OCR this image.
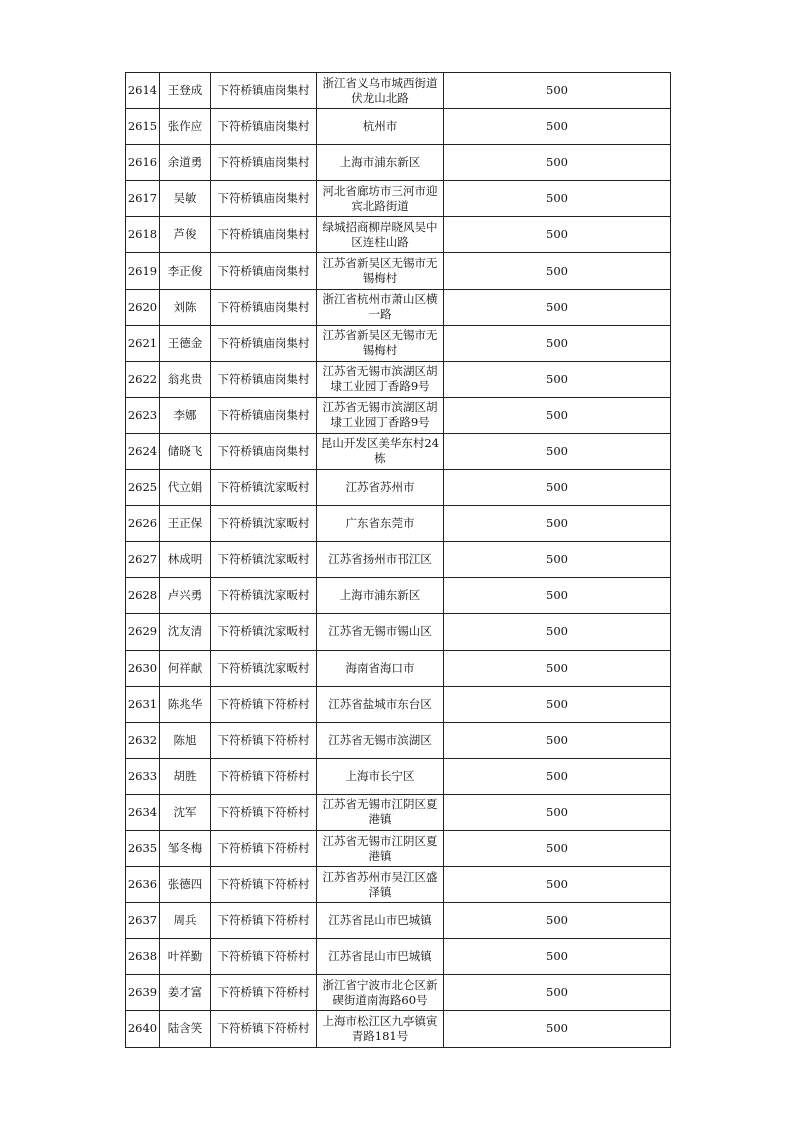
2614	王登成	下符桥镇庙岗集村	浙江省义乌市城西街道伏龙山北路	500
2615	张作应	下符桥镇庙岗集村	杭州市	500
2616	余道勇	下符桥镇庙岗集村	上海市浦东新区	500
2617	吴敏	下符桥镇庙岗集村	河北省廊坊市三河市迎宾北路街道	500
2618	芦俊	下符桥镇庙岗集村	绿城招商柳岸晓风吴中区连柱山路	500
2619	李正俊	下符桥镇庙岗集村	江苏省新吴区无锡市无锡梅村	500
2620	刘陈	下符桥镇庙岗集村	浙江省杭州市萧山区横一路	500
2621	王德金	下符桥镇庙岗集村	江苏省新吴区无锡市无锡梅村	500
2622	翁兆贵	下符桥镇庙岗集村	江苏省无锡市滨湖区胡埭工业园丁香路9号	500
2623	李娜	下符桥镇庙岗集村	江苏省无锡市滨湖区胡埭工业园丁香路9号	500
2624	储晓飞	下符桥镇庙岗集村	昆山开发区美华东村24栋	500
2625	代立娟	下符桥镇沈家畈村	江苏省苏州市	500
2626	王正保	下符桥镇沈家畈村	广东省东莞市	500
2627	林成明	下符桥镇沈家畈村	江苏省扬州市邗江区	500
2628	卢兴勇	下符桥镇沈家畈村	上海市浦东新区	500
2629	沈友清	下符桥镇沈家畈村	江苏省无锡市锡山区	500
2630	何祥献	下符桥镇沈家畈村	海南省海口市	500
2631	陈兆华	下符桥镇下符桥村	江苏省盐城市东台区	500
2632	陈旭	下符桥镇下符桥村	江苏省无锡市滨湖区	500
2633	胡胜	下符桥镇下符桥村	上海市长宁区	500
2634	沈军	下符桥镇下符桥村	江苏省无锡市江阴区夏港镇	500
2635	邹冬梅	下符桥镇下符桥村	江苏省无锡市江阴区夏港镇	500
2636	张德四	下符桥镇下符桥村	江苏省苏州市吴江区盛泽镇	500
2637	周兵	下符桥镇下符桥村	江苏省昆山市巴城镇	500
2638	叶祥勤	下符桥镇下符桥村	江苏省昆山市巴城镇	500
2639	姜才富	下符桥镇下符桥村	浙江省宁波市北仑区新碶街道南海路60号	500
2640	陆含笑	下符桥镇下符桥村	上海市松江区九亭镇寅青路181号	500
